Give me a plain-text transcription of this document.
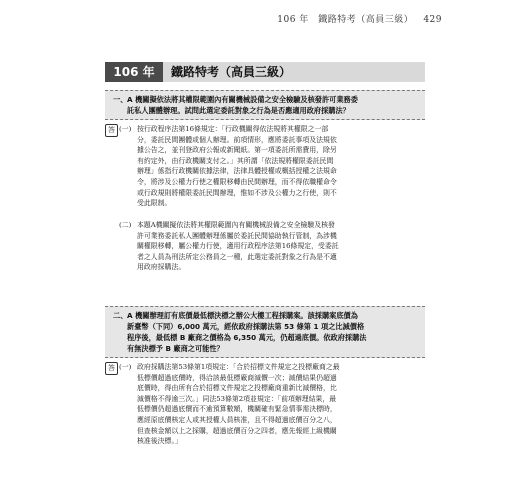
106 年　鐵路特考（高員三級） 429
106 年	鐵路特考（高員三級）
一、 A 機關擬依法將其權限範圍內有關機械設備之安全檢驗及核發許可業務委

託私人團體辦理。試問此選定委託對象之行為是否應適用政府採購法？

答 (一) 按行政程序法第16條規定：「行政機關得依法規將其權限之一部
分，委託民間團體或個人辦理。前項情形，應將委託事項及法規依
據公告之，並刊登政府公報或新聞紙。第一項委託所需費用，除另
有約定外，由行政機關支付之。」其所謂「依法規將權限委託民間
辦理」係指行政機關依據法律，法律具體授權或概括授權之法規命
令，將涉及公權力行使之權限移轉由民間辦理，而不得依職權命令
或行政規則將權限委託民間辦理，惟如不涉及公權力之行使，則不
受此限制。
(二) 本題A機關擬依法將其權限範圍內有關機械設備之安全檢驗及核發
許可業務委託私人團體辦理係屬於委託民間協助執行管制，為涉機
關權限移轉，屬公權力行使，適用行政程序法第16條規定，受委託
者之人員為刑法所定公務員之一種，此選定委託對象之行為是不適
用政府採購法。
二、 A 機關辦理訂有底價最低標決標之辦公大樓工程採購案。該採購案底價為

新臺幣（下同）6,000 萬元，經依政府採購法第 53 條第 1 項之比減價格

程序後，最低標 B 廠商之價格為 6,350 萬元，仍超過底價。依政府採購法

有無決標予 B 廠商之可能性？

答 (一) 政府採購法第53條第1項規定：「合於招標文件規定之投標廠商之最
低標價超過底價時，得洽該最低標廠商減價一次；減價結果仍超過
底價時，得由所有合於招標文件規定之投標廠商重新比減價格，比
減價格不得逾三次。」同法53條第2項並規定：「前項辦理結果，最
低標價仍超過底價而不逾預算數額，機關確有緊急情事需決標時，
應經原底價核定人或其授權人員核准，且不得超過底價百分之八，
但查核金額以上之採購，超過底價百分之四者，應先報經上級機關
核准後決標。」
